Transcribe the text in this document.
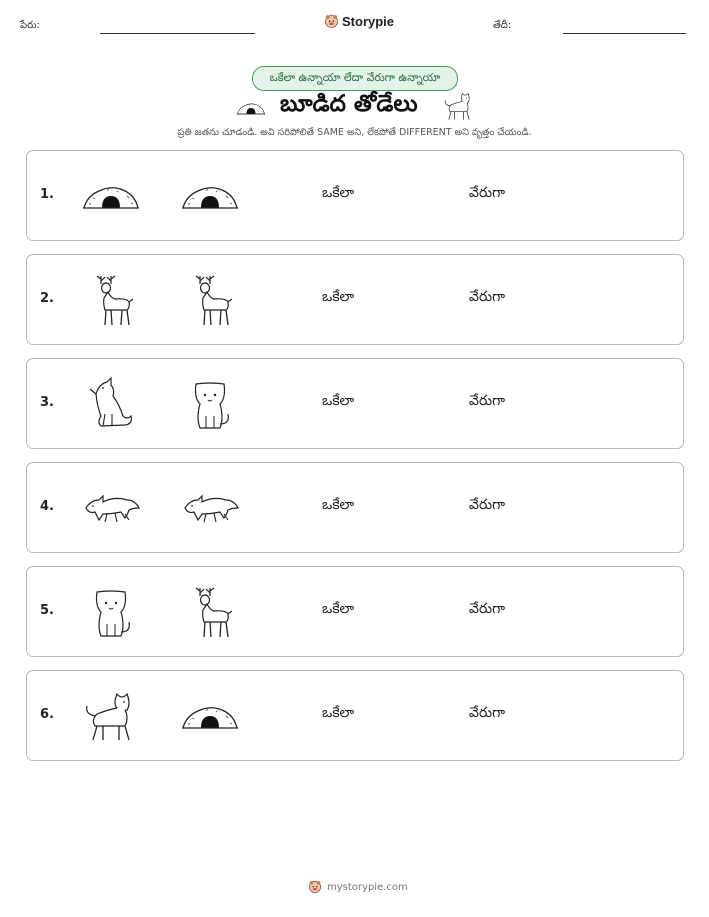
పేరు:	Storypie	తేదీ:
ఒకేలా ఉన్నాయా లేదా వేరుగా ఉన్నాయా
బూడిద తోడేలు
ప్రతి జతను చూడండి. అవి సరిపోలితే SAME అని, లేకపోతే DIFFERENT అని వృత్తం చేయండి.
1.	ఒకేలా	వేరుగా
2.	ఒకేలా	వేరుగా
3.	ఒకేలా	వేరుగా
4.	ఒకేలా	వేరుగా
5.	ఒకేలా	వేరుగా
6.	ఒకేలా	వేరుగా
mystorypie.com
